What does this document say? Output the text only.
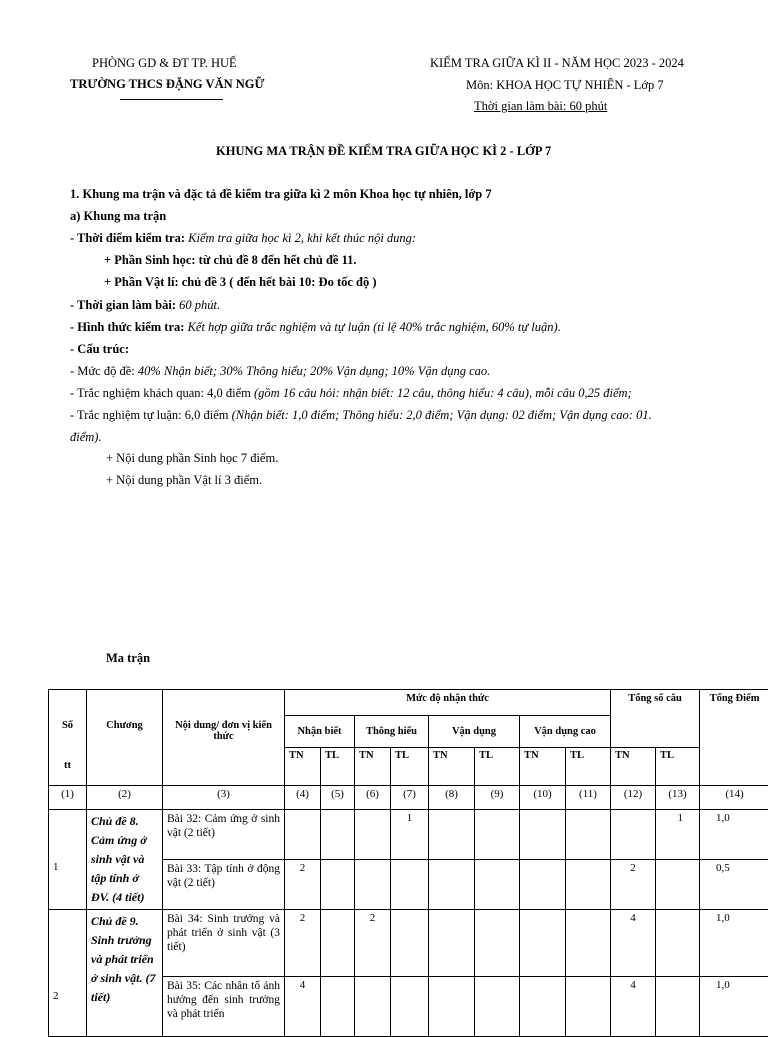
PHÒNG GD & ĐT TP. HUẾ
TRƯỜNG THCS ĐẶNG VĂN NGỮ
KIỂM TRA GIỮA KÌ II - NĂM HỌC 2023 - 2024
Môn: KHOA HỌC TỰ NHIÊN - Lớp 7
Thời gian làm bài: 60 phút
KHUNG MA TRẬN ĐỀ KIỂM TRA GIỮA HỌC KÌ 2 - LỚP 7
1. Khung ma trận và đặc tả đề kiểm tra giữa kì 2 môn Khoa học tự nhiên, lớp 7
a) Khung ma trận
- Thời điểm kiểm tra: Kiểm tra giữa học kì 2, khi kết thúc nội dung:
+ Phần Sinh học: từ chủ đề 8 đến hết chủ đề 11.
+ Phần Vật lí: chủ đề 3 ( đến hết bài 10: Đo tốc độ )
- Thời gian làm bài: 60 phút.
- Hình thức kiểm tra: Kết hợp giữa trắc nghiệm và tự luận (tỉ lệ 40% trắc nghiệm, 60% tự luận).
- Cấu trúc:
- Mức độ đề: 40% Nhận biết; 30% Thông hiểu; 20% Vận dụng; 10% Vận dụng cao.
- Trắc nghiệm khách quan: 4,0 điểm (gồm 16 câu hỏi: nhận biết: 12 câu, thông hiểu: 4 câu), mỗi câu 0,25 điểm;
- Trắc nghiệm tự luận: 6,0 điểm (Nhận biết: 1,0 điểm; Thông hiểu: 2,0 điểm; Vận dụng: 02 điểm; Vận dụng cao: 01.
điểm).
+ Nội dung phần Sinh học 7 điểm.
+ Nội dung phần Vật lí 3 điểm.
Ma trận
Số
tt	Chương	Nội dung/ đơn vị kiến thức	Mức độ nhận thức								Tổng số câu		Tổng Điểm
			Nhận biết		Thông hiểu		Vận dụng		Vận dụng cao				
			TN	TL	TN	TL	TN	TL	TN	TL	TN	TL	
(1)	(2)	(3)	(4)	(5)	(6)	(7)	(8)	(9)	(10)	(11)	(12)	(13)	(14)
1	Chủ đề 8. Cảm ứng ở sinh vật và tập tính ở ĐV. (4 tiết)	Bài 32: Cảm ứng ở sinh vật (2 tiết)				1						1	1,0
		Bài 33: Tập tính ở động vật (2 tiết)	2								2		0,5
2	Chủ đề 9. Sinh trưởng và phát triển ở sinh vật. (7 tiết)	Bài 34: Sinh trưởng và phát triển ở sinh vật (3 tiết)	2		2						4		1,0
		Bài 35: Các nhân tố ảnh hưởng đến sinh trưởng và phát triển	4								4		1,0
